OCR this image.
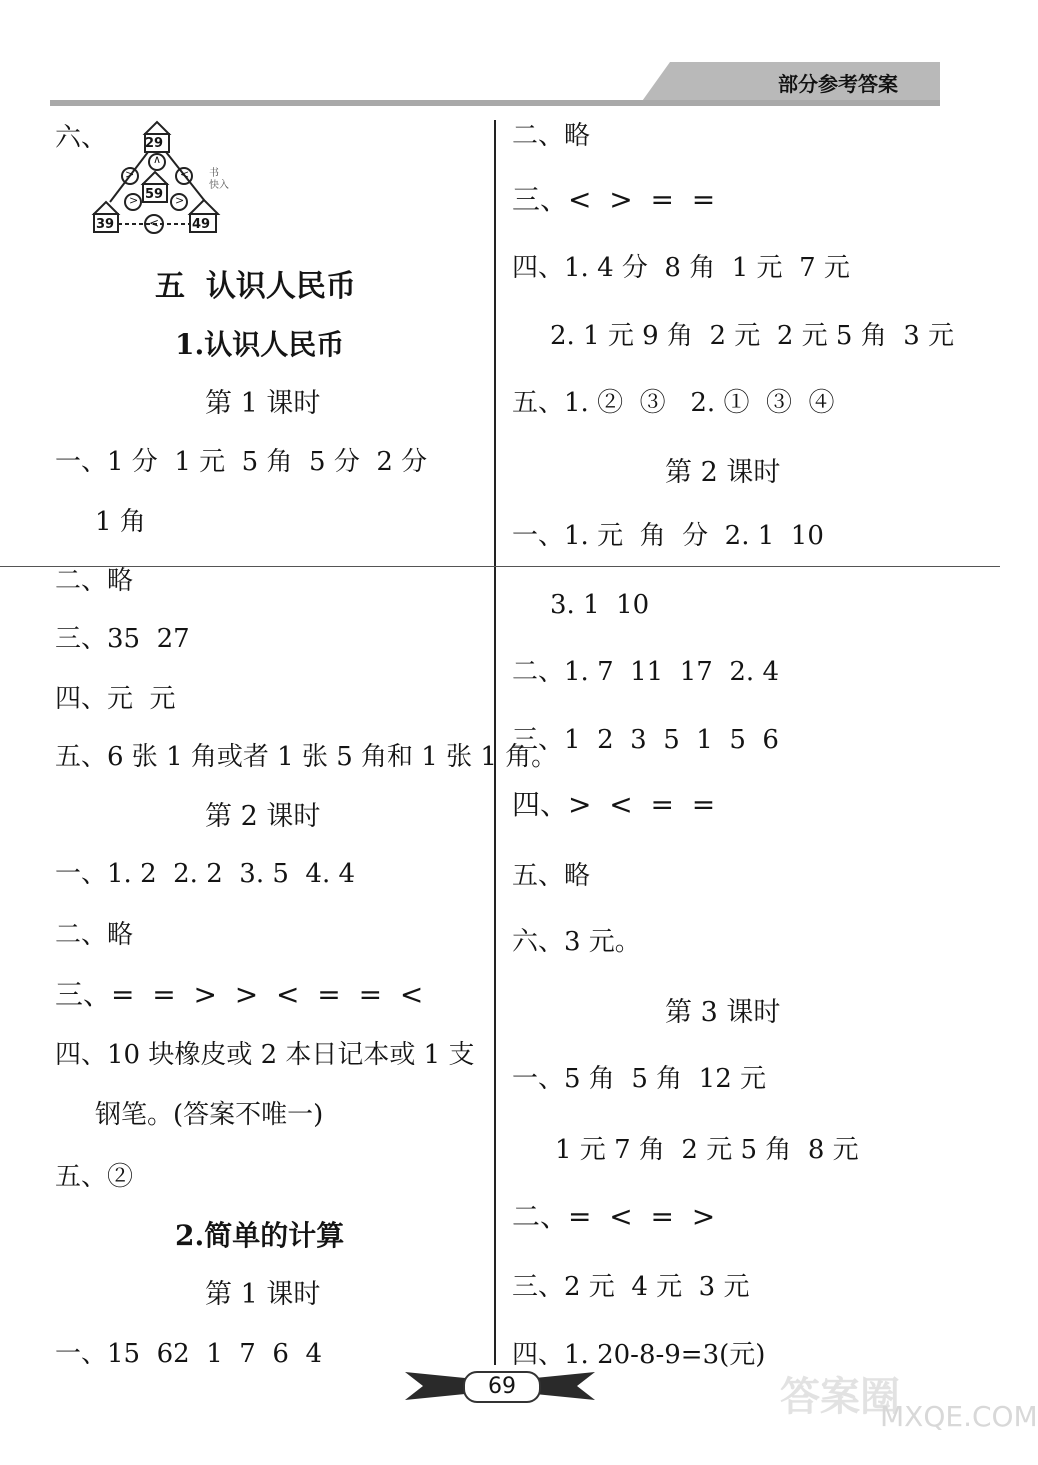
部分参考答案
六、	29
59
39	49
>
∧
<
>	>
<
书 快入
五  认识人民币
1.认识人民币
第 1 课时
一、1 分  1 元  5 角  5 分  2 分
1 角
二、略
三、35  27
四、元  元
五、6 张 1 角或者 1 张 5 角和 1 张 1 角。
第 2 课时
一、1. 2  2. 2  3. 5  4. 4
二、略
三、=  =  >  >  <  =  =  <
四、10 块橡皮或 2 本日记本或 1 支
钢笔。(答案不唯一)
五、②
2.简单的计算
第 1 课时
一、15  62  1  7  6  4
二、略
三、<  >  =  =
四、1. 4 分  8 角  1 元  7 元
2. 1 元 9 角  2 元  2 元 5 角  3 元
五、1. ②  ③   2. ①  ③  ④
第 2 课时
一、1. 元  角  分  2. 1  10
3. 1  10
二、1. 7  11  17  2. 4
三、1  2  3  5  1  5  6
四、>  <  =  =
五、略
六、3 元。
第 3 课时
一、5 角  5 角  12 元
1 元 7 角  2 元 5 角  8 元
二、=  <  =  >
三、2 元  4 元  3 元
四、1. 20-8-9=3(元)
69	答案圈
MXQE.COM
